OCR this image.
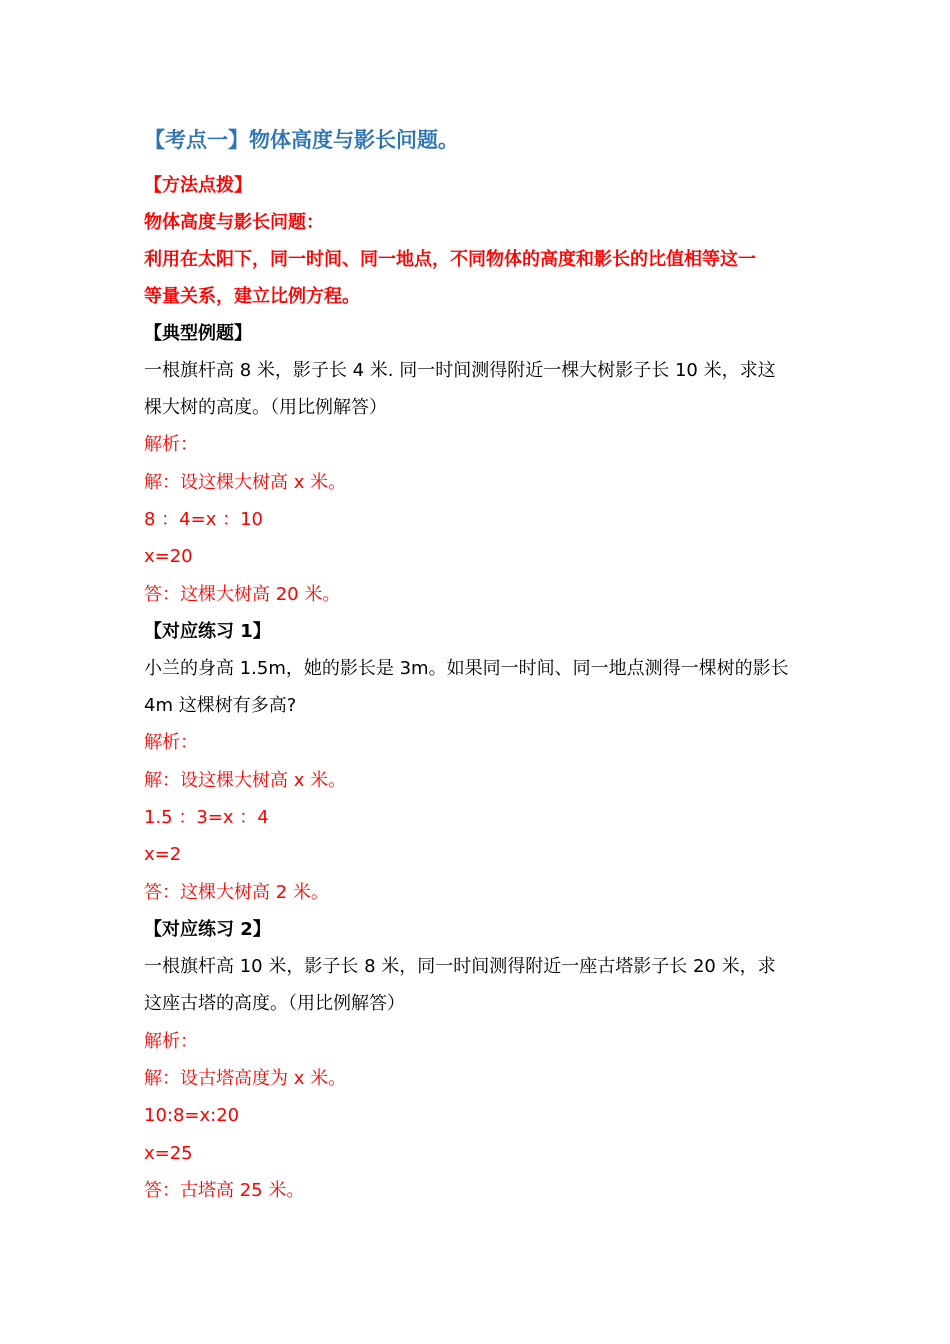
【考点一】物体高度与影长问题。
【方法点拨】
物体高度与影长问题：
利用在太阳下，同一时间、同一地点，不同物体的高度和影长的比值相等这一
等量关系，建立比例方程。
【典型例题】
一根旗杆高 8 米，影子长 4 米. 同一时间测得附近一棵大树影子长 10 米，求这
棵大树的高度。（用比例解答）
解析：
解：设这棵大树高 x 米。
8 ：4=x ：10
x=20
答：这棵大树高 20 米。
【对应练习 1】
小兰的身高 1.5m，她的影长是 3m。如果同一时间、同一地点测得一棵树的影长
4m 这棵树有多高?
解析：
解：设这棵大树高 x 米。
1.5 ：3=x ：4
x=2
答：这棵大树高 2 米。
【对应练习 2】
一根旗杆高 10 米，影子长 8 米，同一时间测得附近一座古塔影子长 20 米，求
这座古塔的高度。（用比例解答）
解析：
解：设古塔高度为 x 米。
10:8=x:20
x=25
答：古塔高 25 米。
